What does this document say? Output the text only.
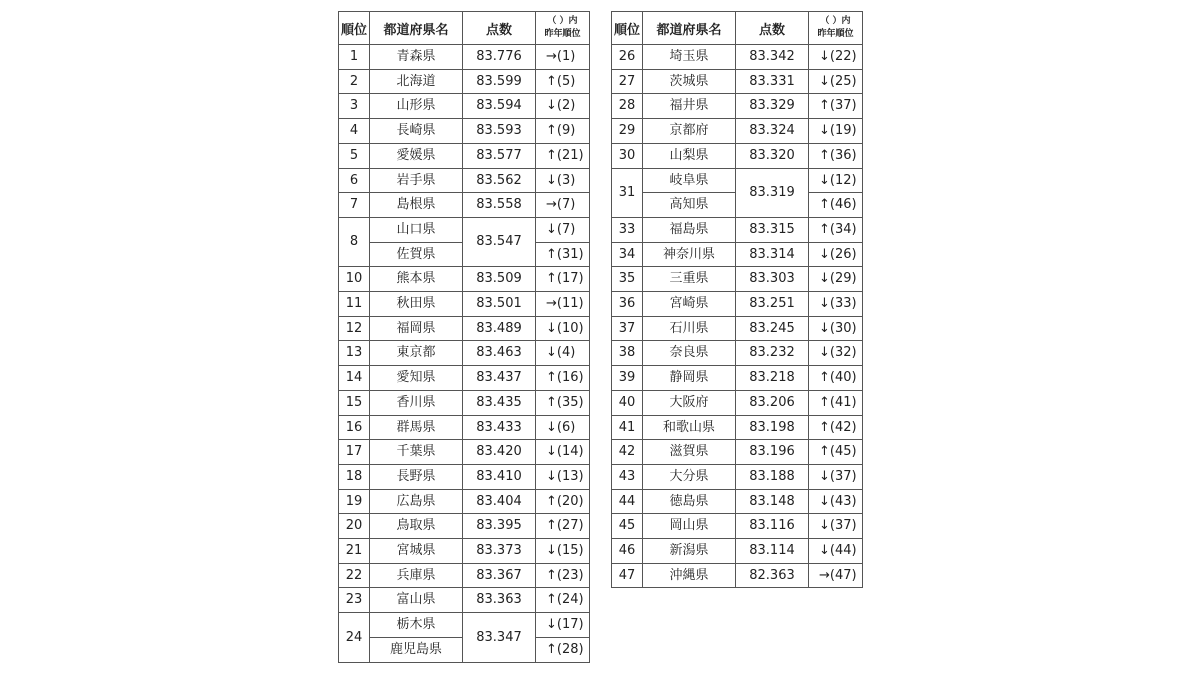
順位	都道府県名	点数	（ ）内
昨年順位
1	青森県	83.776	→(1)
2	北海道	83.599	↑(5)
3	山形県	83.594	↓(2)
4	長崎県	83.593	↑(9)
5	愛媛県	83.577	↑(21)
6	岩手県	83.562	↓(3)
7	島根県	83.558	→(7)
8	山口県	83.547	↓(7)
	佐賀県		↑(31)
10	熊本県	83.509	↑(17)
11	秋田県	83.501	→(11)
12	福岡県	83.489	↓(10)
13	東京都	83.463	↓(4)
14	愛知県	83.437	↑(16)
15	香川県	83.435	↑(35)
16	群馬県	83.433	↓(6)
17	千葉県	83.420	↓(14)
18	長野県	83.410	↓(13)
19	広島県	83.404	↑(20)
20	鳥取県	83.395	↑(27)
21	宮城県	83.373	↓(15)
22	兵庫県	83.367	↑(23)
23	富山県	83.363	↑(24)
24	栃木県	83.347	↓(17)
	鹿児島県		↑(28)
順位	都道府県名	点数	（ ）内
昨年順位
26	埼玉県	83.342	↓(22)
27	茨城県	83.331	↓(25)
28	福井県	83.329	↑(37)
29	京都府	83.324	↓(19)
30	山梨県	83.320	↑(36)
31	岐阜県	83.319	↓(12)
	高知県		↑(46)
33	福島県	83.315	↑(34)
34	神奈川県	83.314	↓(26)
35	三重県	83.303	↓(29)
36	宮崎県	83.251	↓(33)
37	石川県	83.245	↓(30)
38	奈良県	83.232	↓(32)
39	静岡県	83.218	↑(40)
40	大阪府	83.206	↑(41)
41	和歌山県	83.198	↑(42)
42	滋賀県	83.196	↑(45)
43	大分県	83.188	↓(37)
44	徳島県	83.148	↓(43)
45	岡山県	83.116	↓(37)
46	新潟県	83.114	↓(44)
47	沖縄県	82.363	→(47)
